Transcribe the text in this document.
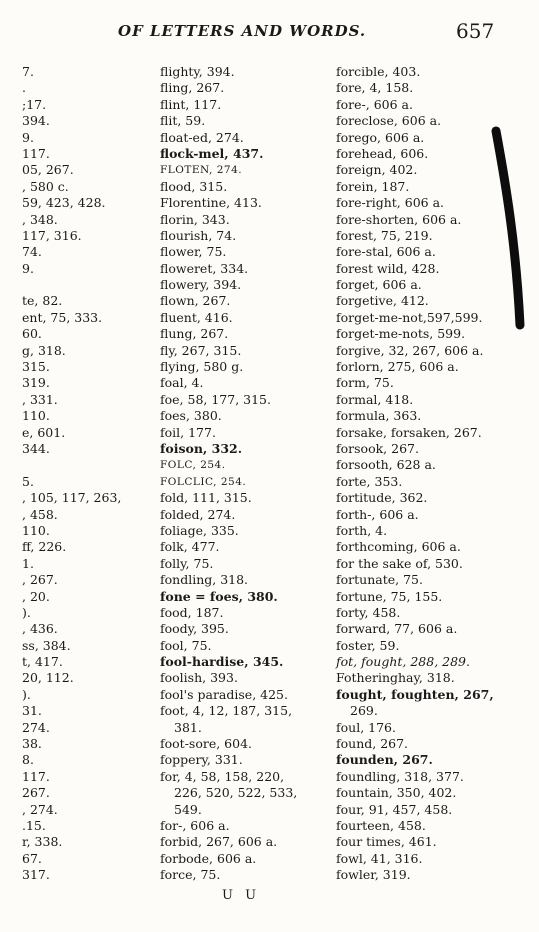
OF LETTERS AND WORDS.	657
7.
.
;17.
394.
9.
117.
05, 267.
, 580 c.
59, 423, 428.
, 348.
117, 316.
74.
9.
te, 82.
ent, 75, 333.
60.
g, 318.
315.
319.
, 331.
110.
e, 601.
344.
5.
, 105, 117, 263,
, 458.
110.
ff, 226.
1.
, 267.
, 20.
).
, 436.
ss, 384.
t, 417.
20, 112.
).
31.
274.
38.
8.
117.
267.
, 274.
.15.
r, 338.
67.
317.
flighty, 394.
fling, 267.
flint, 117.
flit, 59.
float-ed, 274.
flock-mel, 437.
FLOTEN, 274.
flood, 315.
Florentine, 413.
florin, 343.
flourish, 74.
flower, 75.
floweret, 334.
flowery, 394.
flown, 267.
fluent, 416.
flung, 267.
fly, 267, 315.
flying, 580 g.
foal, 4.
foe, 58, 177, 315.
foes, 380.
foil, 177.
foison, 332.
FOLC, 254.
FOLCLIC, 254.
fold, 111, 315.
folded, 274.
foliage, 335.
folk, 477.
folly, 75.
fondling, 318.
fone = foes, 380.
food, 187.
foody, 395.
fool, 75.
fool-hardise, 345.
foolish, 393.
fool's paradise, 425.
foot, 4, 12, 187, 315,
381.
foot-sore, 604.
foppery, 331.
for, 4, 58, 158, 220,
226, 520, 522, 533,
549.
for-, 606 a.
forbid, 267, 606 a.
forbode, 606 a.
force, 75.
forcible, 403.
fore, 4, 158.
fore-, 606 a.
foreclose, 606 a.
forego, 606 a.
forehead, 606.
foreign, 402.
forein, 187.
fore-right, 606 a.
fore-shorten, 606 a.
forest, 75, 219.
fore-stal, 606 a.
forest wild, 428.
forget, 606 a.
forgetive, 412.
forget-me-not,597,599.
forget-me-nots, 599.
forgive, 32, 267, 606 a.
forlorn, 275, 606 a.
form, 75.
formal, 418.
formula, 363.
forsake, forsaken, 267.
forsook, 267.
forsooth, 628 a.
forte, 353.
fortitude, 362.
forth-, 606 a.
forth, 4.
forthcoming, 606 a.
for the sake of, 530.
fortunate, 75.
fortune, 75, 155.
forty, 458.
forward, 77, 606 a.
foster, 59.
fot, fought, 288, 289.
Fotheringhay, 318.
fought, foughten, 267,
269.
foul, 176.
found, 267.
founden, 267.
foundling, 318, 377.
fountain, 350, 402.
four, 91, 457, 458.
fourteen, 458.
four times, 461.
fowl, 41, 316.
fowler, 319.
U U
